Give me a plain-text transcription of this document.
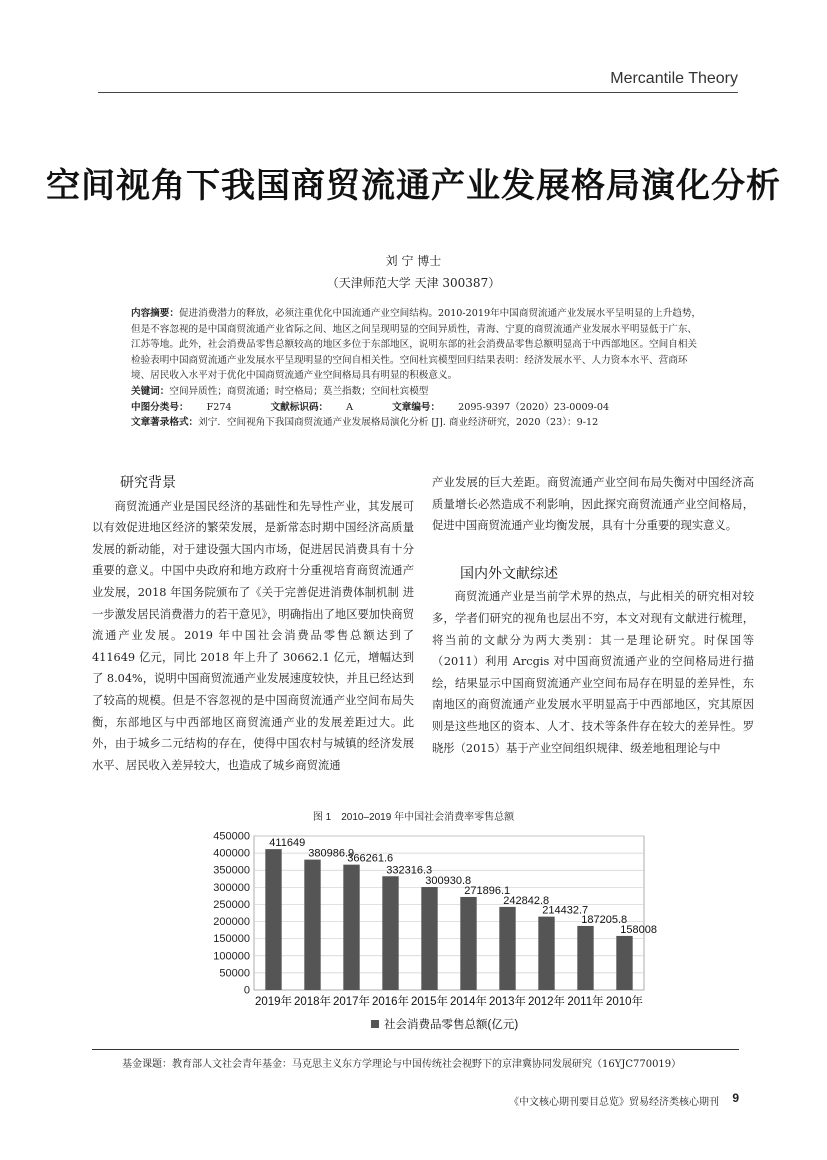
Mercantile Theory
空间视角下我国商贸流通产业发展格局演化分析
刘 宁 博士
（天津师范大学 天津 300387）
内容摘要：促进消费潜力的释放，必须注重优化中国流通产业空间结构。2010-2019年中国商贸流通产业发展水平呈明显的上升趋势，但是不容忽视的是中国商贸流通产业省际之间、地区之间呈现明显的空间异质性，青海、宁夏的商贸流通产业发展水平明显低于广东、江苏等地。此外，社会消费品零售总额较高的地区多位于东部地区，说明东部的社会消费品零售总额明显高于中西部地区。空间自相关检验表明中国商贸流通产业发展水平呈现明显的空间自相关性。空间杜宾模型回归结果表明：经济发展水平、人力资本水平、营商环境、居民收入水平对于优化中国商贸流通产业空间格局具有明显的积极意义。
关键词：空间异质性；商贸流通；时空格局；莫兰指数；空间杜宾模型
中图分类号： F274	文献标识码： A	文章编号： 2095-9397（2020）23-0009-04
文章著录格式：刘宁．空间视角下我国商贸流通产业发展格局演化分析 [J]. 商业经济研究，2020（23）：9-12
研究背景

商贸流通产业是国民经济的基础性和先导性产业，其发展可以有效促进地区经济的繁荣发展，是新常态时期中国经济高质量发展的新动能，对于建设强大国内市场，促进居民消费具有十分重要的意义。中国中央政府和地方政府十分重视培育商贸流通产业发展，2018 年国务院颁布了《关于完善促进消费体制机制 进一步激发居民消费潜力的若干意见》，明确指出了地区要加快商贸流通产业发展。2019 年中国社会消费品零售总额达到了 411649 亿元，同比 2018 年上升了 30662.1 亿元，增幅达到了 8.04%，说明中国商贸流通产业发展速度较快，并且已经达到了较高的规模。但是不容忽视的是中国商贸流通产业空间布局失衡，东部地区与中西部地区商贸流通产业的发展差距过大。此外，由于城乡二元结构的存在，使得中国农村与城镇的经济发展水平、居民收入差异较大，也造成了城乡商贸流通

产业发展的巨大差距。商贸流通产业空间布局失衡对中国经济高质量增长必然造成不利影响，因此探究商贸流通产业空间格局，促进中国商贸流通产业均衡发展，具有十分重要的现实意义。

国内外文献综述

商贸流通产业是当前学术界的热点，与此相关的研究相对较多，学者们研究的视角也层出不穷，本文对现有文献进行梳理，将当前的文献分为两大类别：其一是理论研究。时保国等（2011）利用 Arcgis 对中国商贸流通产业的空间格局进行描绘，结果显示中国商贸流通产业空间布局存在明显的差异性，东南地区的商贸流通产业发展水平明显高于中西部地区，究其原因则是这些地区的资本、人才、技术等条件存在较大的差异性。罗晓彤（2015）基于产业空间组织规律、级差地租理论与中

图 1　2010–2019 年中国社会消费率零售总额
0
50000
100000
150000
200000
250000
300000
350000
400000
450000
411649
2019年
380986.9
2018年
366261.6
2017年
332316.3
2016年
300930.8
2015年
271896.1
2014年
242842.8
2013年
214432.7
2012年
187205.8
2011年
158008
2010年
社会消费品零售总额(亿元)
基金课题：教育部人文社会青年基金：马克思主义东方学理论与中国传统社会视野下的京津冀协同发展研究（16YJC770019）
《中文核心期刊要目总览》贸易经济类核心期刊 9
